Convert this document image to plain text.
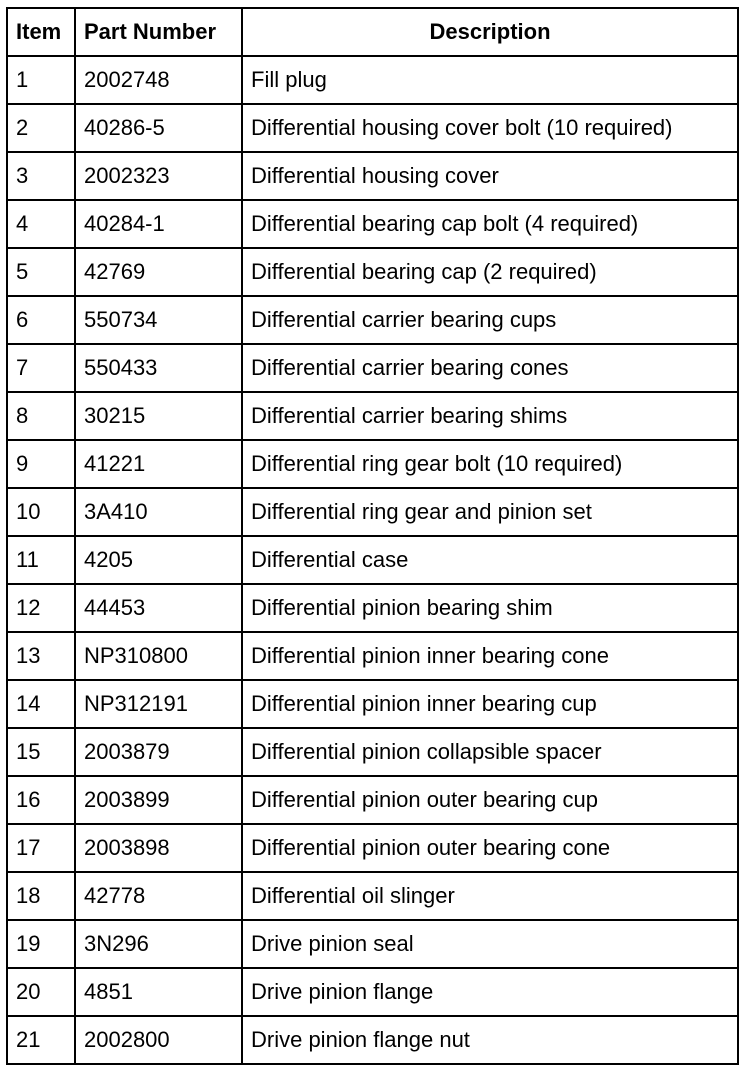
Item	Part Number	Description
1	2002748	Fill plug
2	40286-5	Differential housing cover bolt (10 required)
3	2002323	Differential housing cover
4	40284-1	Differential bearing cap bolt (4 required)
5	42769	Differential bearing cap (2 required)
6	550734	Differential carrier bearing cups
7	550433	Differential carrier bearing cones
8	30215	Differential carrier bearing shims
9	41221	Differential ring gear bolt (10 required)
10	3A410	Differential ring gear and pinion set
11	4205	Differential case
12	44453	Differential pinion bearing shim
13	NP310800	Differential pinion inner bearing cone
14	NP312191	Differential pinion inner bearing cup
15	2003879	Differential pinion collapsible spacer
16	2003899	Differential pinion outer bearing cup
17	2003898	Differential pinion outer bearing cone
18	42778	Differential oil slinger
19	3N296	Drive pinion seal
20	4851	Drive pinion flange
21	2002800	Drive pinion flange nut
